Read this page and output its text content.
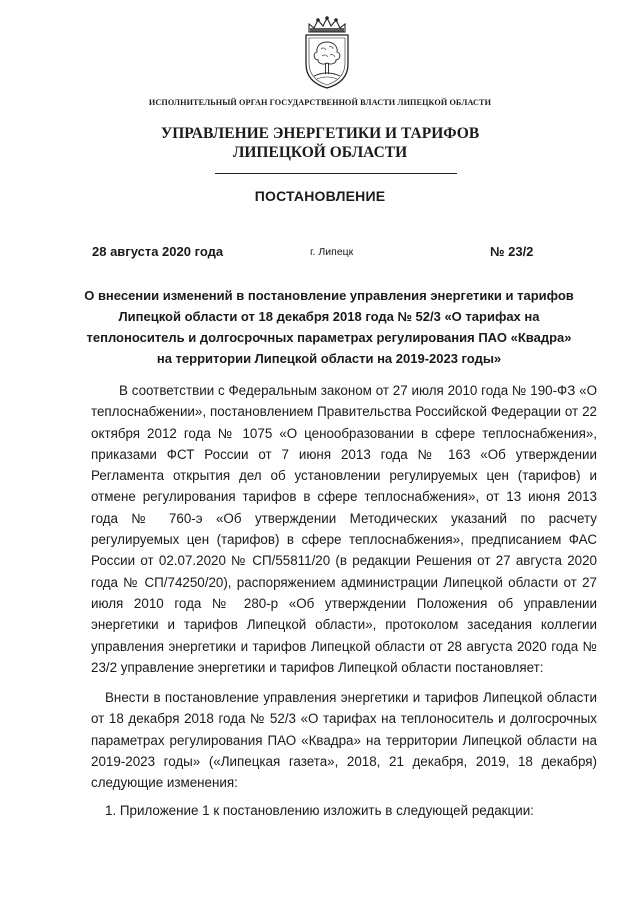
ИСПОЛНИТЕЛЬНЫЙ ОРГАН ГОСУДАРСТВЕННОЙ ВЛАСТИ ЛИПЕЦКОЙ ОБЛАСТИ
УПРАВЛЕНИЕ ЭНЕРГЕТИКИ И ТАРИФОВ
ЛИПЕЦКОЙ ОБЛАСТИ
ПОСТАНОВЛЕНИЕ
28 августа 2020 года	г. Липецк	№ 23/2
О внесении изменений в постановление управления энергетики и тарифов Липецкой области от 18 декабря 2018 года № 52/3 «О тарифах на теплоноситель и долгосрочных параметрах регулирования ПАО «Квадра» на территории Липецкой области на 2019-2023 годы»

В соответствии с Федеральным законом от 27 июля 2010 года № 190-ФЗ «О теплоснабжении», постановлением Правительства Российской Федерации от 22 октября 2012 года № 1075 «О ценообразовании в сфере теплоснабжения», приказами ФСТ России от 7 июня 2013 года № 163 «Об утверждении Регламента открытия дел об установлении регулируемых цен (тарифов) и отмене регулирования тарифов в сфере теплоснабжения», от 13 июня 2013 года № 760-э «Об утверждении Методических указаний по расчету регулируемых цен (тарифов) в сфере теплоснабжения», предписанием ФАС России от 02.07.2020 № СП/55811/20 (в редакции Решения от 27 августа 2020 года № СП/74250/20), распоряжением администрации Липецкой области от 27 июля 2010 года № 280-р «Об утверждении Положения об управлении энергетики и тарифов Липецкой области», протоколом заседания коллегии управления энергетики и тарифов Липецкой области от 28 августа 2020 года № 23/2 управление энергетики и тарифов Липецкой области постановляет:

Внести в постановление управления энергетики и тарифов Липецкой области от 18 декабря 2018 года № 52/3 «О тарифах на теплоноситель и долгосрочных параметрах регулирования ПАО «Квадра» на территории Липецкой области на 2019-2023 годы» («Липецкая газета», 2018, 21 декабря, 2019, 18 декабря) следующие изменения:

1. Приложение 1 к постановлению изложить в следующей редакции:
